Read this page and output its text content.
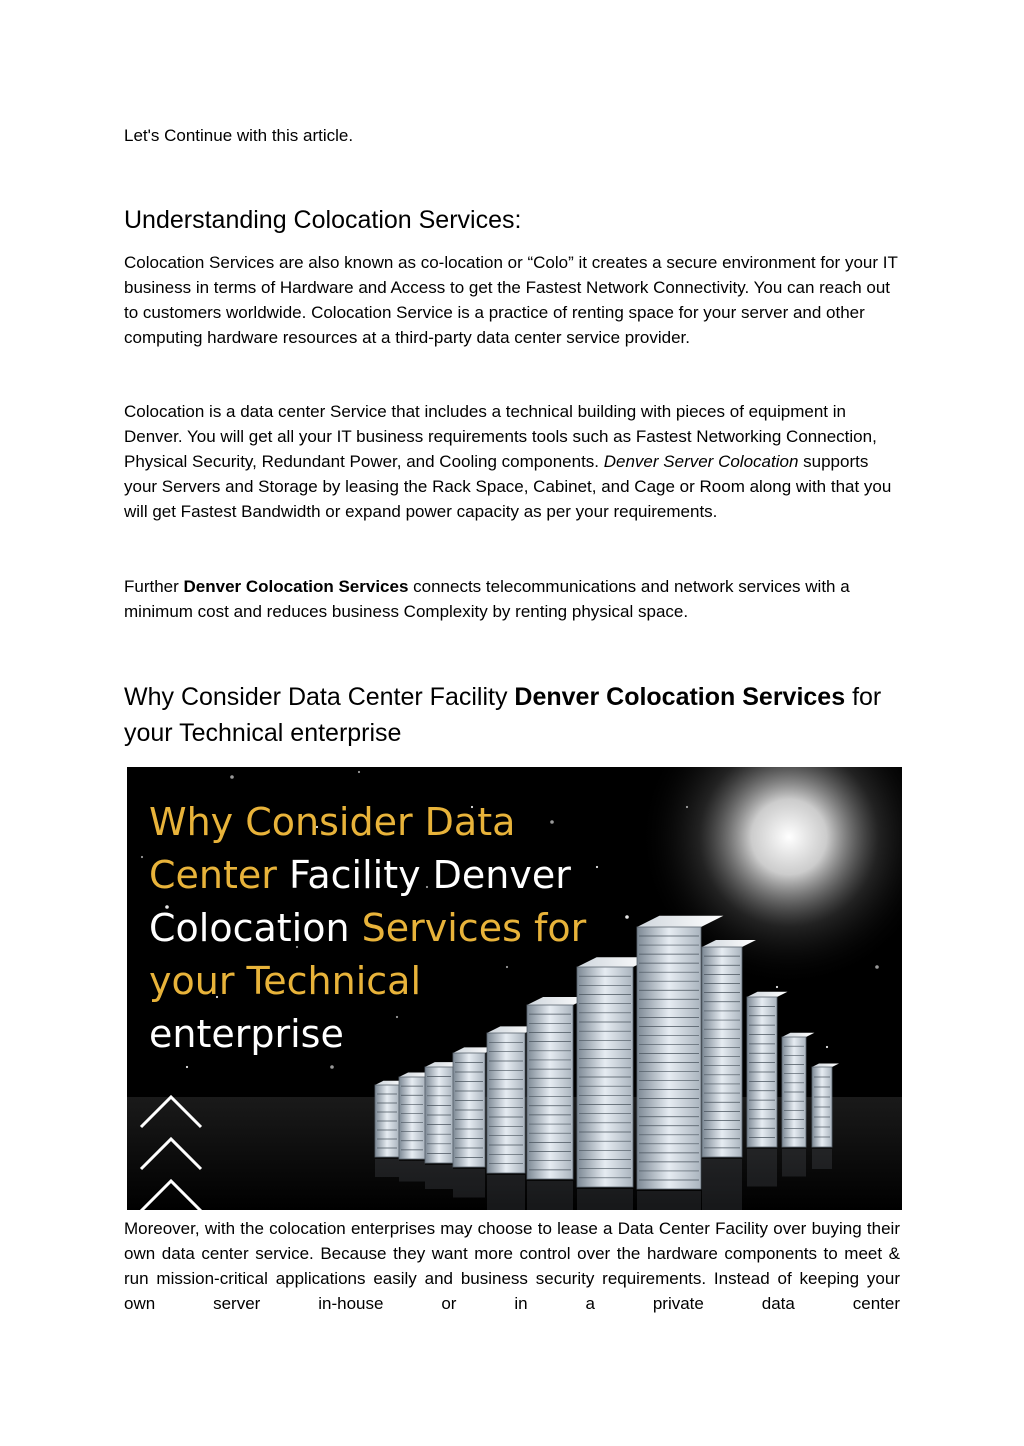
Let's Continue with this article.

Understanding Colocation Services:

Colocation Services are also known as co-location or “Colo” it creates a secure environment for your IT business in terms of Hardware and Access to get the Fastest Network Connectivity. You can reach out to customers worldwide. Colocation Service is a practice of renting space for your server and other computing hardware resources at a third-party data center service provider.

Colocation is a data center Service that includes a technical building with pieces of equipment in Denver. You will get all your IT business requirements tools such as Fastest Networking Connection, Physical Security, Redundant Power, and Cooling components. Denver Server Colocation supports your Servers and Storage by leasing the Rack Space, Cabinet, and Cage or Room along with that you will get Fastest Bandwidth or expand power capacity as per your requirements.

Further Denver Colocation Services connects telecommunications and network services with a minimum cost and reduces business Complexity by renting physical space.

Why Consider Data Center Facility Denver Colocation Services for your Technical enterprise
Why Consider Data Center Facility Denver Colocation Services for your Technical enterprise

Moreover, with the colocation enterprises may choose to lease a Data Center Facility over buying their own data center service. Because they want more control over the hardware components to meet & run mission-critical applications easily and business security requirements. Instead of keeping your own server in-house or in a private data center
